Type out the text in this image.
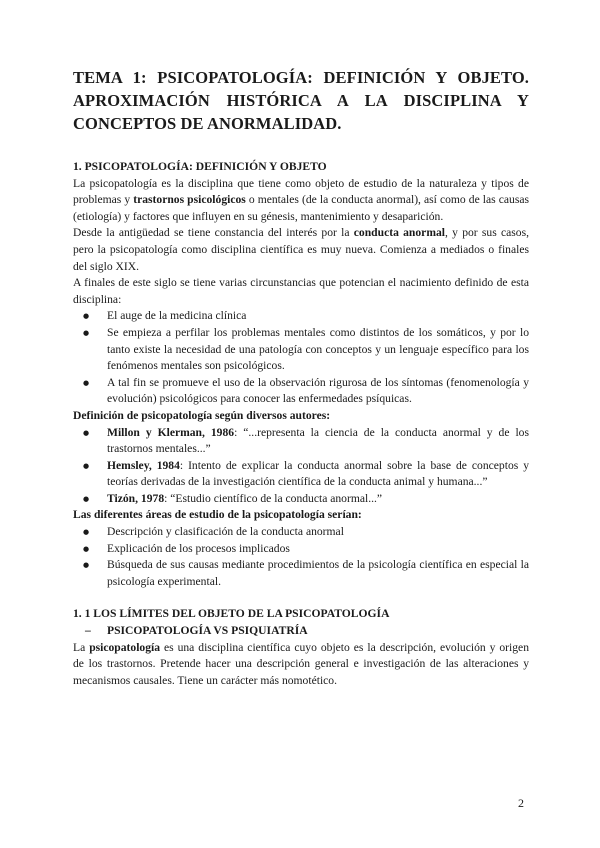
TEMA 1: PSICOPATOLOGÍA: DEFINICIÓN Y OBJETO. APROXIMACIÓN HISTÓRICA A LA DISCIPLINA Y CONCEPTOS DE ANORMALIDAD.
1. PSICOPATOLOGÍA: DEFINICIÓN Y OBJETO

La psicopatología es la disciplina que tiene como objeto de estudio de la naturaleza y tipos de problemas y trastornos psicológicos o mentales (de la conducta anormal), así como de las causas (etiología) y factores que influyen en su génesis, mantenimiento y desaparición.

Desde la antigüedad se tiene constancia del interés por la conducta anormal, y por sus casos, pero la psicopatología como disciplina científica es muy nueva. Comienza a mediados o finales del siglo XIX.

A finales de este siglo se tiene varias circunstancias que potencian el nacimiento definido de esta disciplina:

● El auge de la medicina clínica
● Se empieza a perfilar los problemas mentales como distintos de los somáticos, y por lo tanto existe la necesidad de una patología con conceptos y un lenguaje específico para los fenómenos mentales son psicológicos.
● A tal fin se promueve el uso de la observación rigurosa de los síntomas (fenomenología y evolución) psicológicos para conocer las enfermedades psíquicas.
Definición de psicopatología según diversos autores:
● Millon y Klerman, 1986: “...representa la ciencia de la conducta anormal y de los trastornos mentales...”
● Hemsley, 1984: Intento de explicar la conducta anormal sobre la base de conceptos y teorías derivadas de la investigación científica de la conducta animal y humana...”
● Tizón, 1978: “Estudio científico de la conducta anormal...”
Las diferentes áreas de estudio de la psicopatología serían:
● Descripción y clasificación de la conducta anormal
● Explicación de los procesos implicados
● Búsqueda de sus causas mediante procedimientos de la psicología científica en especial la psicología experimental.
1. 1 LOS LÍMITES DEL OBJETO DE LA PSICOPATOLOGÍA
– PSICOPATOLOGÍA VS PSIQUIATRÍA

La psicopatología es una disciplina científica cuyo objeto es la descripción, evolución y origen de los trastornos. Pretende hacer una descripción general e investigación de las alteraciones y mecanismos causales. Tiene un carácter más nomotético.

2
